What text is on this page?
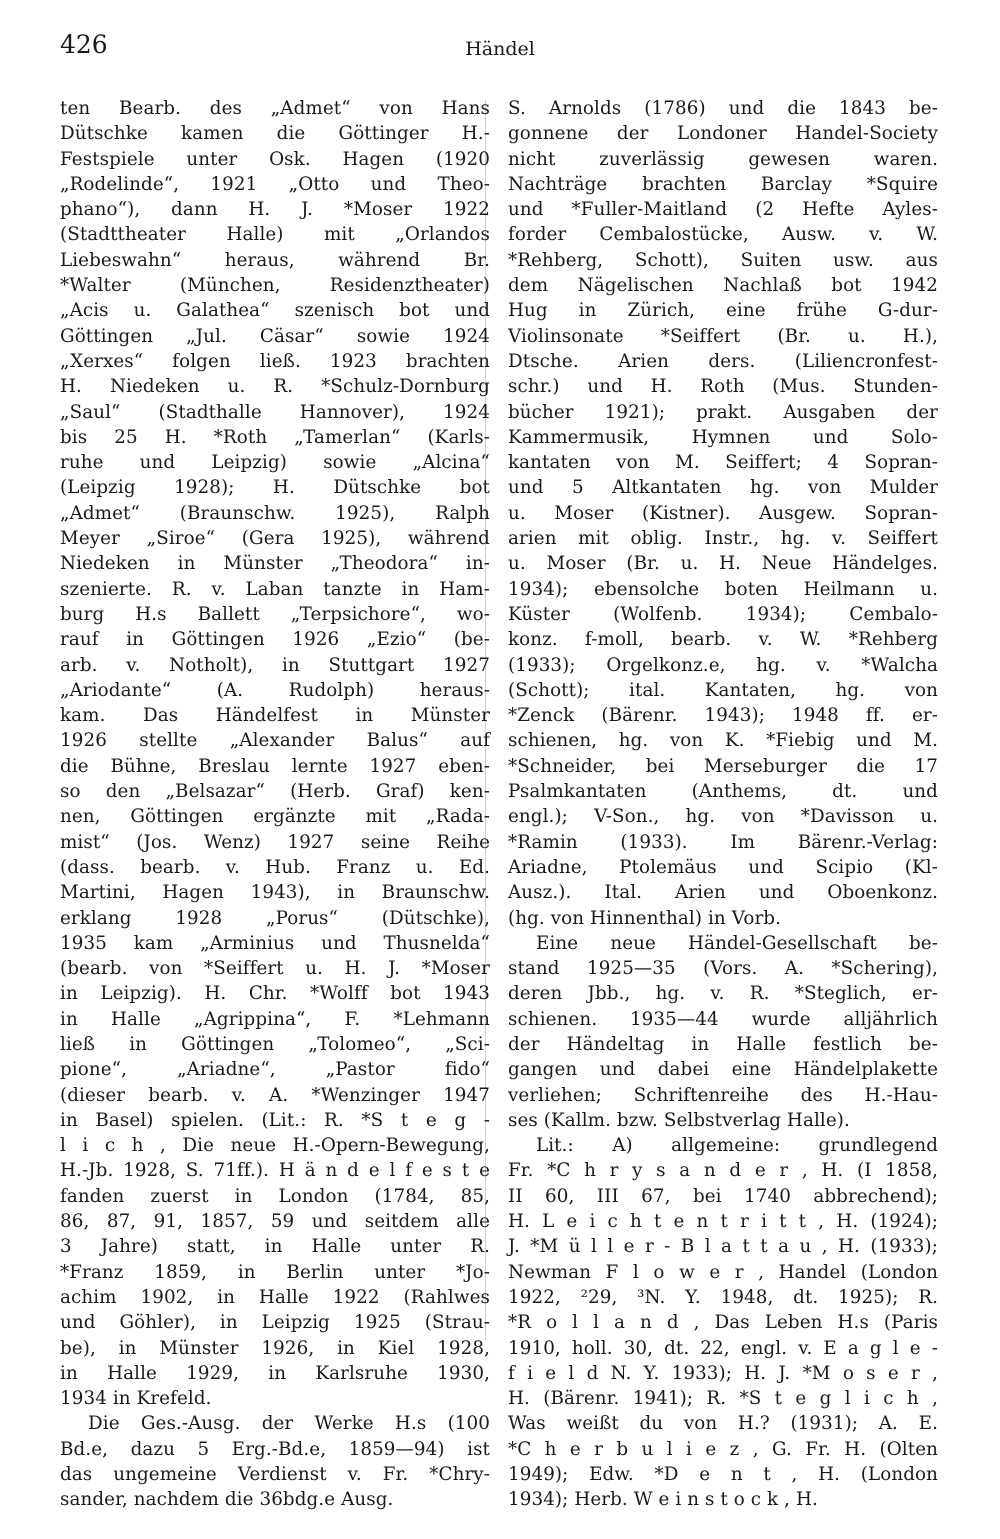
426	Händel
ten Bearb. des „Admet“ von Hans
Dütschke kamen die Göttinger H.-
Festspiele unter Osk. Hagen (1920
„Rodelinde“, 1921 „Otto und Theo-
phano“), dann H. J. *Moser 1922
(Stadttheater Halle) mit „Orlandos
Liebeswahn“ heraus, während Br.
*Walter (München, Residenztheater)
„Acis u. Galathea“ szenisch bot und
Göttingen „Jul. Cäsar“ sowie 1924
„Xerxes“ folgen ließ. 1923 brachten
H. Niedeken u. R. *Schulz-Dornburg
„Saul“ (Stadthalle Hannover), 1924
bis 25 H. *Roth „Tamerlan“ (Karls-
ruhe und Leipzig) sowie „Alcina“
(Leipzig 1928); H. Dütschke bot
„Admet“ (Braunschw. 1925), Ralph
Meyer „Siroe“ (Gera 1925), während
Niedeken in Münster „Theodora“ in-
szenierte. R. v. Laban tanzte in Ham-
burg H.s Ballett „Terpsichore“, wo-
rauf in Göttingen 1926 „Ezio“ (be-
arb. v. Notholt), in Stuttgart 1927
„Ariodante“ (A. Rudolph) heraus-
kam. Das Händelfest in Münster
1926 stellte „Alexander Balus“ auf
die Bühne, Breslau lernte 1927 eben-
so den „Belsazar“ (Herb. Graf) ken-
nen, Göttingen ergänzte mit „Rada-
mist“ (Jos. Wenz) 1927 seine Reihe
(dass. bearb. v. Hub. Franz u. Ed.
Martini, Hagen 1943), in Braunschw.
erklang 1928 „Porus“ (Dütschke),
1935 kam „Arminius und Thusnelda“
(bearb. von *Seiffert u. H. J. *Moser
in Leipzig). H. Chr. *Wolff bot 1943
in Halle „Agrippina“, F. *Lehmann
ließ in Göttingen „Tolomeo“, „Sci-
pione“, „Ariadne“, „Pastor fido“
(dieser bearb. v. A. *Wenzinger 1947
in Basel) spielen. (Lit.: R. *S t e g -
l i c h , Die neue H.-Opern-Bewegung,
H.-Jb. 1928, S. 71ff.). H ä n d e l f e s t e
fanden zuerst in London (1784, 85,
86, 87, 91, 1857, 59 und seitdem alle
3 Jahre) statt, in Halle unter R.
*Franz 1859, in Berlin unter *Jo-
achim 1902, in Halle 1922 (Rahlwes
und Göhler), in Leipzig 1925 (Strau-
be), in Münster 1926, in Kiel 1928,
in Halle 1929, in Karlsruhe 1930,
1934 in Krefeld.
Die Ges.-Ausg. der Werke H.s (100
Bd.e, dazu 5 Erg.-Bd.e, 1859—94) ist
das ungemeine Verdienst v. Fr. *Chry-
sander, nachdem die 36bdg.e Ausg.
S. Arnolds (1786) und die 1843 be-
gonnene der Londoner Handel-Society
nicht zuverlässig gewesen waren.
Nachträge brachten Barclay *Squire
und *Fuller-Maitland (2 Hefte Ayles-
forder Cembalostücke, Ausw. v. W.
*Rehberg, Schott), Suiten usw. aus
dem Nägelischen Nachlaß bot 1942
Hug in Zürich, eine frühe G-dur-
Violinsonate *Seiffert (Br. u. H.),
Dtsche. Arien ders. (Liliencronfest-
schr.) und H. Roth (Mus. Stunden-
bücher 1921); prakt. Ausgaben der
Kammermusik, Hymnen und Solo-
kantaten von M. Seiffert; 4 Sopran-
und 5 Altkantaten hg. von Mulder
u. Moser (Kistner). Ausgew. Sopran-
arien mit oblig. Instr., hg. v. Seiffert
u. Moser (Br. u. H. Neue Händelges.
1934); ebensolche boten Heilmann u.
Küster (Wolfenb. 1934); Cembalo-
konz. f-moll, bearb. v. W. *Rehberg
(1933); Orgelkonz.e, hg. v. *Walcha
(Schott); ital. Kantaten, hg. von
*Zenck (Bärenr. 1943); 1948 ff. er-
schienen, hg. von K. *Fiebig und M.
*Schneider, bei Merseburger die 17
Psalmkantaten (Anthems, dt. und
engl.); V-Son., hg. von *Davisson u.
*Ramin (1933). Im Bärenr.-Verlag:
Ariadne, Ptolemäus und Scipio (Kl-
Ausz.). Ital. Arien und Oboenkonz.
(hg. von Hinnenthal) in Vorb.
Eine neue Händel-Gesellschaft be-
stand 1925—35 (Vors. A. *Schering),
deren Jbb., hg. v. R. *Steglich, er-
schienen. 1935—44 wurde alljährlich
der Händeltag in Halle festlich be-
gangen und dabei eine Händelplakette
verliehen; Schriftenreihe des H.-Hau-
ses (Kallm. bzw. Selbstverlag Halle).
Lit.: A) allgemeine: grundlegend
Fr. *C h r y s a n d e r , H. (I 1858,
II 60, III 67, bei 1740 abbrechend);
H. L e i c h t e n t r i t t , H. (1924);
J. *M ü l l e r - B l a t t a u , H. (1933);
Newman F l o w e r , Handel (London
1922, ²29, ³N. Y. 1948, dt. 1925); R.
*R o l l a n d , Das Leben H.s (Paris
1910, holl. 30, dt. 22, engl. v. E a g l e -
f i e l d N. Y. 1933); H. J. *M o s e r ,
H. (Bärenr. 1941); R. *S t e g l i c h ,
Was weißt du von H.? (1931); A. E.
*C h e r b u l i e z , G. Fr. H. (Olten
1949); Edw. *D e n t , H. (London
1934); Herb. W e i n s t o c k , H.
